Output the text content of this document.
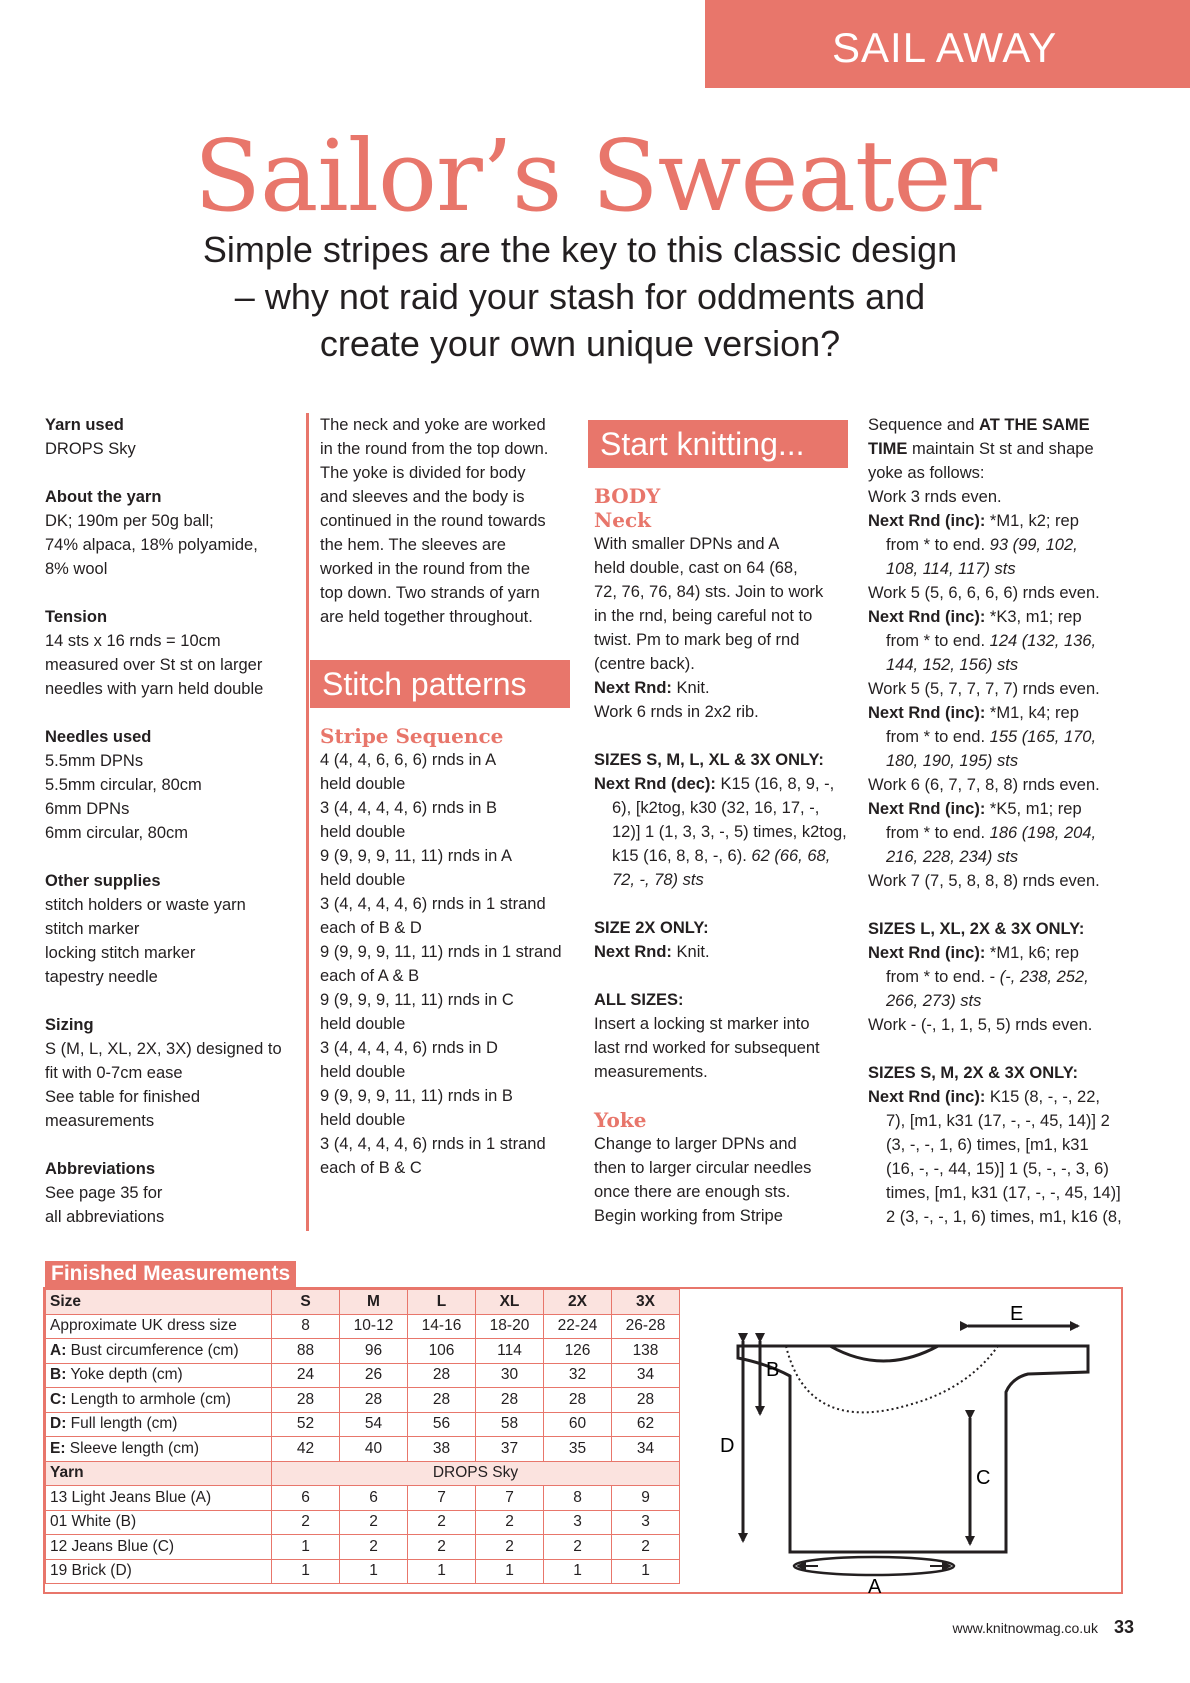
SAIL AWAY
Sailor’s Sweater
Simple stripes are the key to this classic design
– why not raid your stash for oddments and
create your own unique version?

Yarn used

DROPS Sky

About the yarn

DK; 190m per 50g ball;

74% alpaca, 18% polyamide,

8% wool

Tension

14 sts x 16 rnds = 10cm

measured over St st on larger

needles with yarn held double

Needles used

5.5mm DPNs

5.5mm circular, 80cm

6mm DPNs

6mm circular, 80cm

Other supplies

stitch holders or waste yarn

stitch marker

locking stitch marker

tapestry needle

Sizing

S (M, L, XL, 2X, 3X) designed to

fit with 0-7cm ease

See table for finished

measurements

Abbreviations

See page 35 for

all abbreviations

The neck and yoke are worked

in the round from the top down.

The yoke is divided for body

and sleeves and the body is

continued in the round towards

the hem. The sleeves are

worked in the round from the

top down. Two strands of yarn

are held together throughout.

Stitch patterns

Stripe Sequence

4 (4, 4, 6, 6, 6) rnds in A

held double

3 (4, 4, 4, 4, 6) rnds in B

held double

9 (9, 9, 9, 11, 11) rnds in A

held double

3 (4, 4, 4, 4, 6) rnds in 1 strand

each of B & D

9 (9, 9, 9, 11, 11) rnds in 1 strand

each of A & B

9 (9, 9, 9, 11, 11) rnds in C

held double

3 (4, 4, 4, 4, 6) rnds in D

held double

9 (9, 9, 9, 11, 11) rnds in B

held double

3 (4, 4, 4, 4, 6) rnds in 1 strand

each of B & C

Start knitting...

BODY

Neck

With smaller DPNs and A

held double, cast on 64 (68,

72, 76, 76, 84) sts. Join to work

in the rnd, being careful not to

twist. Pm to mark beg of rnd

(centre back).

Next Rnd: Knit.

Work 6 rnds in 2x2 rib.

SIZES S, M, L, XL & 3X ONLY:

Next Rnd (dec): K15 (16, 8, 9, -,

6), [k2tog, k30 (32, 16, 17, -,

12)] 1 (1, 3, 3, -, 5) times, k2tog,

k15 (16, 8, 8, -, 6). 62 (66, 68,

72, -, 78) sts

SIZE 2X ONLY:

Next Rnd: Knit.

ALL SIZES:

Insert a locking st marker into

last rnd worked for subsequent

measurements.

Yoke

Change to larger DPNs and

then to larger circular needles

once there are enough sts.

Begin working from Stripe

Sequence and AT THE SAME

TIME maintain St st and shape

yoke as follows:

Work 3 rnds even.

Next Rnd (inc): *M1, k2; rep

from * to end. 93 (99, 102,

108, 114, 117) sts

Work 5 (5, 6, 6, 6, 6) rnds even.

Next Rnd (inc): *K3, m1; rep

from * to end. 124 (132, 136,

144, 152, 156) sts

Work 5 (5, 7, 7, 7, 7) rnds even.

Next Rnd (inc): *M1, k4; rep

from * to end. 155 (165, 170,

180, 190, 195) sts

Work 6 (6, 7, 7, 8, 8) rnds even.

Next Rnd (inc): *K5, m1; rep

from * to end. 186 (198, 204,

216, 228, 234) sts

Work 7 (7, 5, 8, 8, 8) rnds even.

SIZES L, XL, 2X & 3X ONLY:

Next Rnd (inc): *M1, k6; rep

from * to end. - (-, 238, 252,

266, 273) sts

Work - (-, 1, 1, 5, 5) rnds even.

SIZES S, M, 2X & 3X ONLY:

Next Rnd (inc): K15 (8, -, -, 22,

7), [m1, k31 (17, -, -, 45, 14)] 2

(3, -, -, 1, 6) times, [m1, k31

(16, -, -, 44, 15)] 1 (5, -, -, 3, 6)

times, [m1, k31 (17, -, -, 45, 14)]

2 (3, -, -, 1, 6) times, m1, k16 (8,

Finished Measurements
Size	S	M	L	XL	2X	3X
Approximate UK dress size	8	10-12	14-16	18-20	22-24	26-28
A: Bust circumference (cm)	88	96	106	114	126	138
B: Yoke depth (cm)	24	26	28	30	32	34
C: Length to armhole (cm)	28	28	28	28	28	28
D: Full length (cm)	52	54	56	58	60	62
E: Sleeve length (cm)	42	40	38	37	35	34
Yarn	DROPS Sky					
13 Light Jeans Blue (A)	6	6	7	7	8	9
01 White (B)	2	2	2	2	3	3
12 Jeans Blue (C)	1	2	2	2	2	2
19 Brick (D)	1	1	1	1	1	1
A
B
C
D
E
www.knitnowmag.co.uk 33
